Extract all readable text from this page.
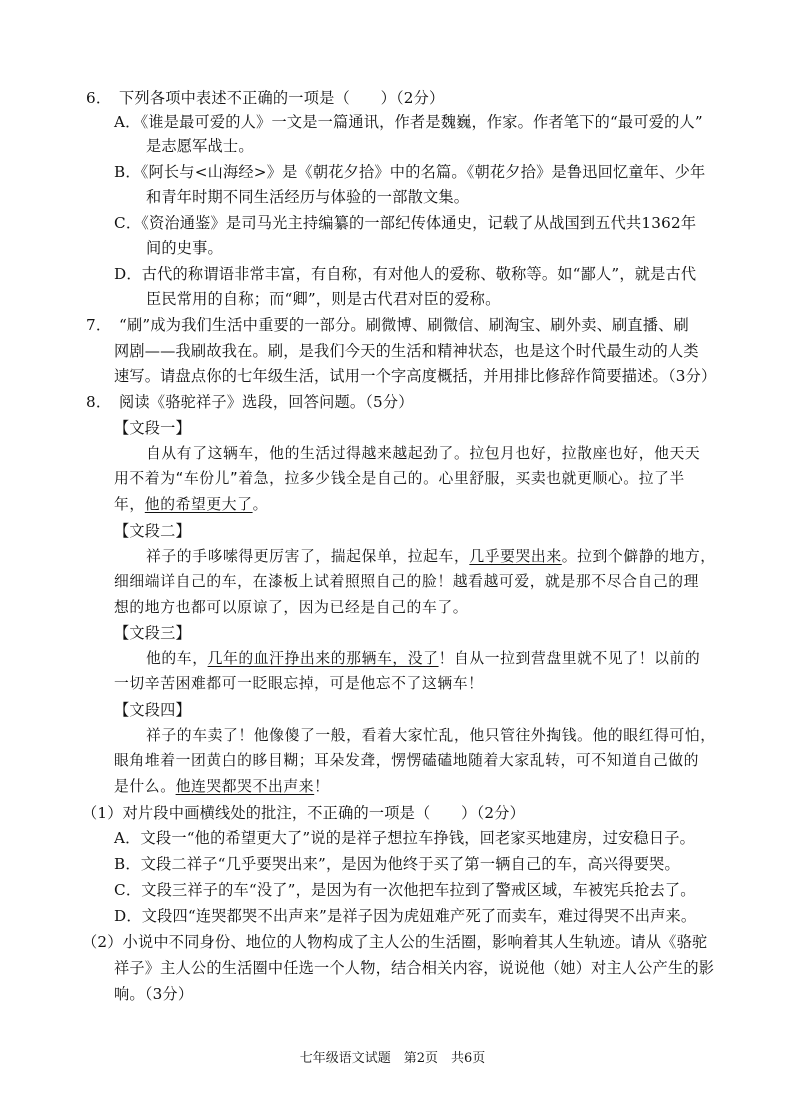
6．　下列各项中表述不正确的一项是（　　）（2分）
A．《谁是最可爱的人》一文是一篇通讯，作者是魏巍，作家。作者笔下的“最可爱的人”
是志愿军战士。
B．《阿长与<山海经>》是《朝花夕拾》中的名篇。《朝花夕拾》是鲁迅回忆童年、少年
和青年时期不同生活经历与体验的一部散文集。
C．《资治通鉴》是司马光主持编纂的一部纪传体通史，记载了从战国到五代共1362年
间的史事。
D．古代的称谓语非常丰富，有自称，有对他人的爱称、敬称等。如“鄙人”，就是古代
臣民常用的自称；而“卿”，则是古代君对臣的爱称。
7．　“刷”成为我们生活中重要的一部分。刷微博、刷微信、刷淘宝、刷外卖、刷直播、刷
网剧——我刷故我在。刷，是我们今天的生活和精神状态，也是这个时代最生动的人类
速写。请盘点你的七年级生活，试用一个字高度概括，并用排比修辞作简要描述。（3分）
8．　阅读《骆驼祥子》选段，回答问题。（5分）
【文段一】
自从有了这辆车，他的生活过得越来越起劲了。拉包月也好，拉散座也好，他天天
用不着为“车份儿”着急，拉多少钱全是自己的。心里舒服，买卖也就更顺心。拉了半
年，他的希望更大了。
【文段二】
祥子的手哆嗦得更厉害了，揣起保单，拉起车，几乎要哭出来。拉到个僻静的地方，
细细端详自己的车，在漆板上试着照照自己的脸！越看越可爱，就是那不尽合自己的理
想的地方也都可以原谅了，因为已经是自己的车了。
【文段三】
他的车，几年的血汗挣出来的那辆车，没了！自从一拉到营盘里就不见了！以前的
一切辛苦困难都可一眨眼忘掉，可是他忘不了这辆车！
【文段四】
祥子的车卖了！他像傻了一般，看着大家忙乱，他只管往外掏钱。他的眼红得可怕，
眼角堆着一团黄白的眵目糊；耳朵发聋，愣愣磕磕地随着大家乱转，可不知道自己做的
是什么。他连哭都哭不出声来！
（1）对片段中画横线处的批注，不正确的一项是（　　）（2分）
A．文段一“他的希望更大了”说的是祥子想拉车挣钱，回老家买地建房，过安稳日子。
B．文段二祥子“几乎要哭出来”，是因为他终于买了第一辆自己的车，高兴得要哭。
C．文段三祥子的车“没了”，是因为有一次他把车拉到了警戒区域，车被宪兵抢去了。
D．文段四“连哭都哭不出声来”是祥子因为虎妞难产死了而卖车，难过得哭不出声来。
（2）小说中不同身份、地位的人物构成了主人公的生活圈，影响着其人生轨迹。请从《骆驼
祥子》主人公的生活圈中任选一个人物，结合相关内容，说说他（她）对主人公产生的影
响。（3分）
七年级语文试题　第2页　共6页
